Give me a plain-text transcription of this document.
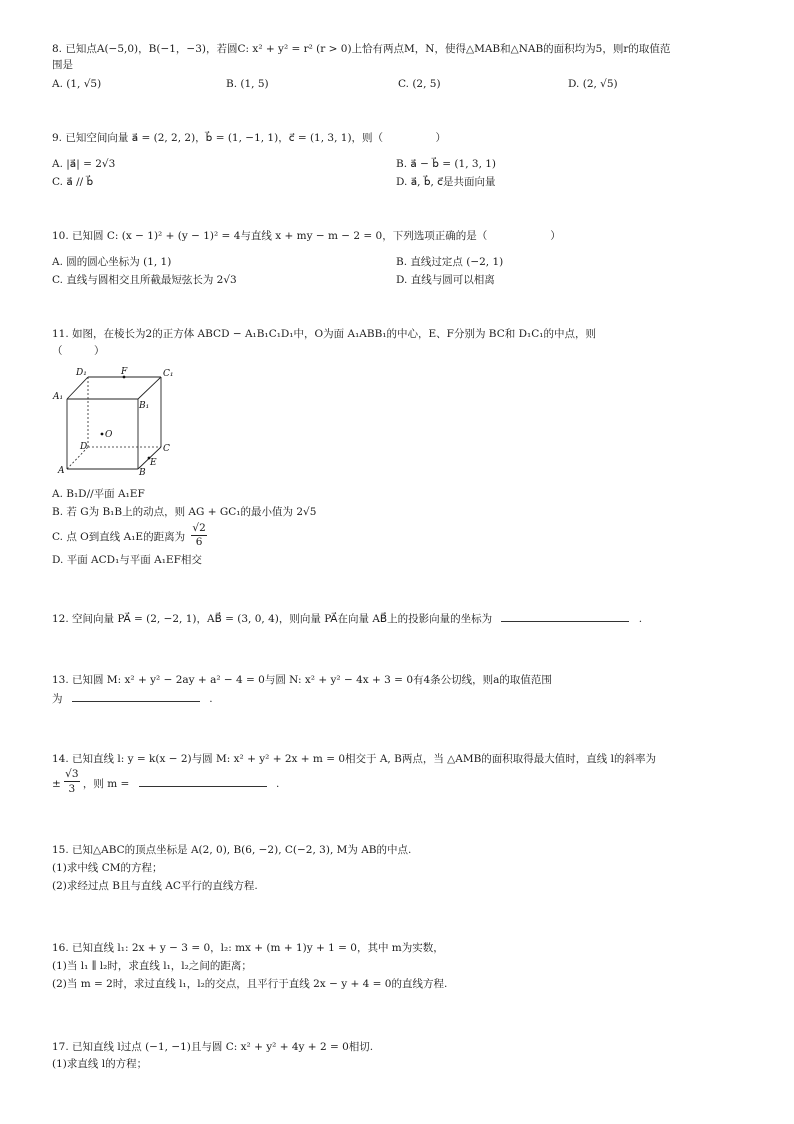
8. 已知点A(−5,0)，B(−1，−3)，若圆C: x² + y² = r² (r > 0)上恰有两点M，N，使得△MAB和△NAB的面积均为5，则r的取值范
围是
A. (1, √5)	B. (1, 5)	C. (2, 5)	D. (2, √5)
9. 已知空间向量 a⃗ = (2, 2, 2)，b⃗ = (1, −1, 1)，c⃗ = (1, 3, 1)，则（　　　　　）
A. |a⃗| = 2√3	B. a⃗ − b⃗ = (1, 3, 1)
C. a⃗ // b⃗	D. a⃗, b⃗, c⃗是共面向量
10. 已知圆 C: (x − 1)² + (y − 1)² = 4与直线 x + my − m − 2 = 0，下列选项正确的是（　　　　　　）
A. 圆的圆心坐标为 (1, 1)	B. 直线过定点 (−2, 1)
C. 直线与圆相交且所截最短弦长为 2√3	D. 直线与圆可以相离
11. 如图，在棱长为2的正方体 ABCD − A₁B₁C₁D₁中，O为面 A₁ABB₁的中心，E、F分别为 BC和 D₁C₁的中点，则
（　　　）
D₁	F	C₁
A₁
B₁
O
D	C
A	B
E
A. B₁D//平面 A₁EF
B. 若 G为 B₁B上的动点，则 AG + GC₁的最小值为 2√5
C. 点 O到直线 A₁E的距离为 $\frac{√2}{6}$
D. 平面 ACD₁与平面 A₁EF相交
12. 空间向量 PA⃗ = (2, −2, 1)，AB⃗ = (3, 0, 4)，则向量 PA⃗在向量 AB⃗上的投影向量的坐标为	.
13. 已知圆 M: x² + y² − 2ay + a² − 4 = 0与圆 N: x² + y² − 4x + 3 = 0有4条公切线，则a的取值范围
为	.
14. 已知直线 l: y = k(x − 2)与圆 M: x² + y² + 2x + m = 0相交于 A, B两点，当 △AMB的面积取得最大值时，直线 l的斜率为
± $\frac{√3}{3}$ ，则 m =	.
15. 已知△ABC的顶点坐标是 A(2, 0), B(6, −2), C(−2, 3), M为 AB的中点.
(1)求中线 CM的方程；
(2)求经过点 B且与直线 AC平行的直线方程.
16. 已知直线 l₁: 2x + y − 3 = 0，l₂: mx + (m + 1)y + 1 = 0，其中 m为实数，
(1)当 l₁ ∥ l₂时，求直线 l₁，l₂之间的距离；
(2)当 m = 2时，求过直线 l₁，l₂的交点，且平行于直线 2x − y + 4 = 0的直线方程.
17. 已知直线 l过点 (−1, −1)且与圆 C: x² + y² + 4y + 2 = 0相切.
(1)求直线 l的方程；
